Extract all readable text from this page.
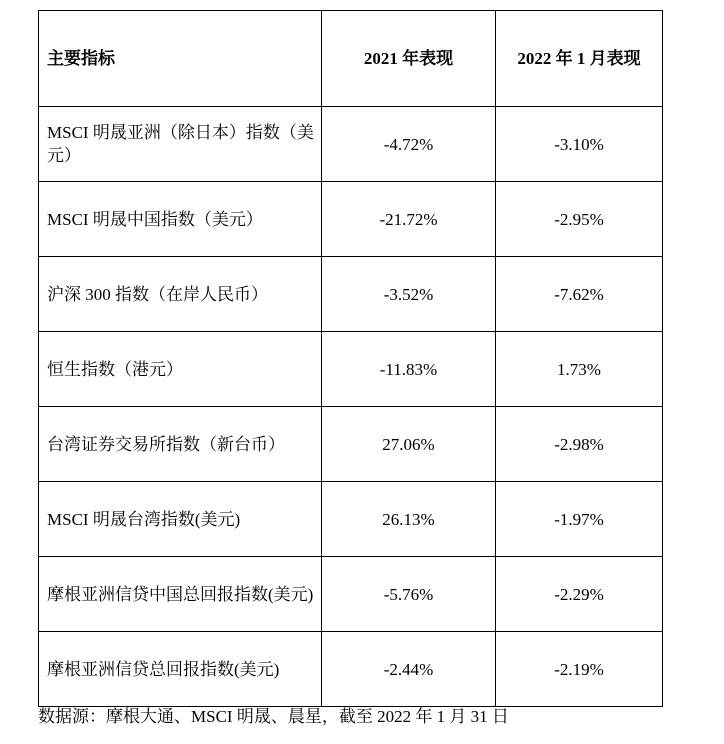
主要指标	2021 年表现	2022 年 1 月表现
MSCI 明晟亚洲（除日本）指数（美元）	-4.72%	-3.10%
MSCI 明晟中国指数（美元）	-21.72%	-2.95%
沪深 300 指数（在岸人民币）	-3.52%	-7.62%
恒生指数（港元）	-11.83%	1.73%
台湾证券交易所指数（新台币）	27.06%	-2.98%
MSCI 明晟台湾指数(美元)	26.13%	-1.97%
摩根亚洲信贷中国总回报指数(美元)	-5.76%	-2.29%
摩根亚洲信贷总回报指数(美元)	-2.44%	-2.19%
数据源：摩根大通、MSCI 明晟、晨星，截至 2022 年 1 月 31 日
